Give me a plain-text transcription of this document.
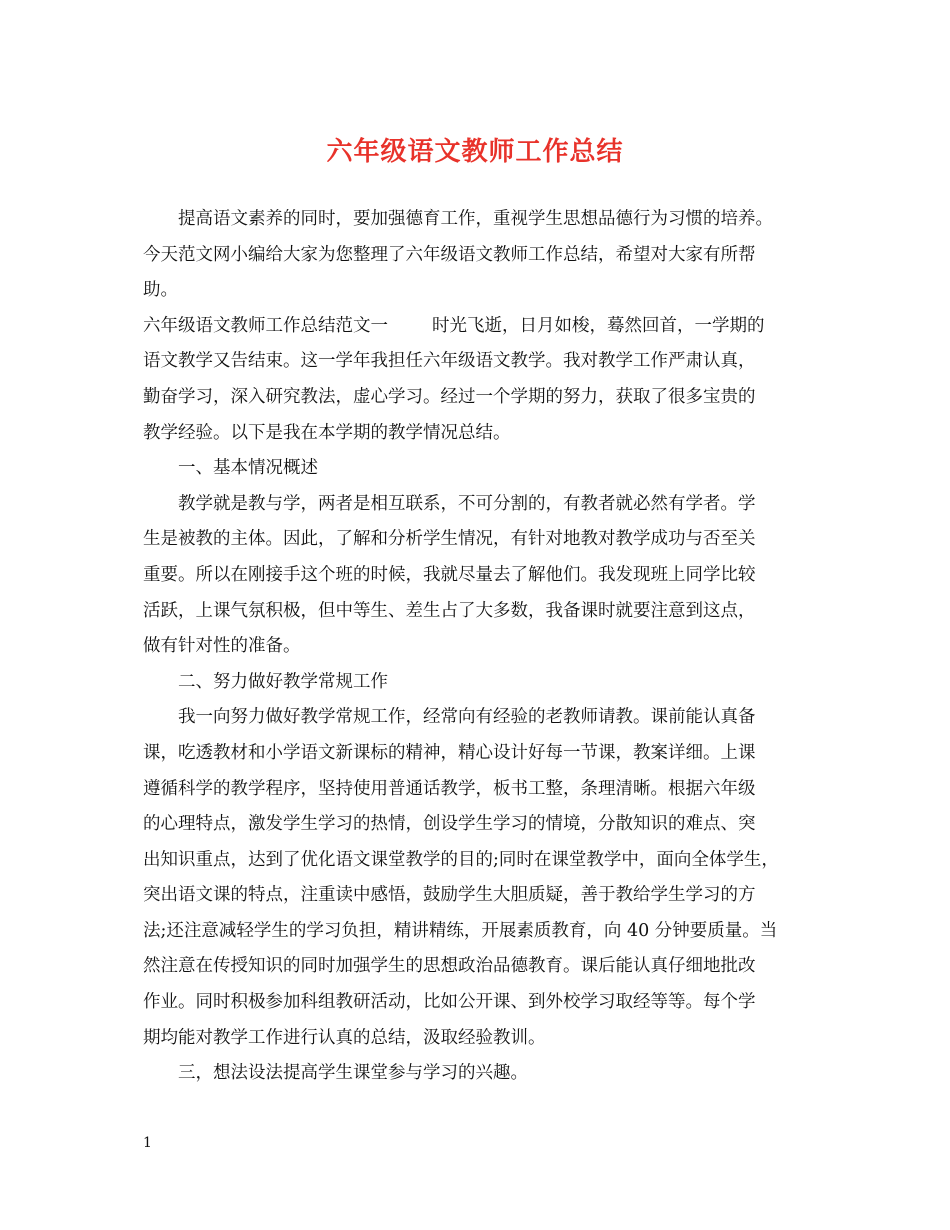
六年级语文教师工作总结
提高语文素养的同时，要加强德育工作，重视学生思想品德行为习惯的培养。
今天范文网小编给大家为您整理了六年级语文教师工作总结，希望对大家有所帮
助。
六年级语文教师工作总结范文一	时光飞逝，日月如梭，蓦然回首，一学期的
语文教学又告结束。这一学年我担任六年级语文教学。我对教学工作严肃认真，
勤奋学习，深入研究教法，虚心学习。经过一个学期的努力，获取了很多宝贵的
教学经验。以下是我在本学期的教学情况总结。
一、基本情况概述
教学就是教与学，两者是相互联系，不可分割的，有教者就必然有学者。学
生是被教的主体。因此，了解和分析学生情况，有针对地教对教学成功与否至关
重要。所以在刚接手这个班的时候，我就尽量去了解他们。我发现班上同学比较
活跃，上课气氛积极，但中等生、差生占了大多数，我备课时就要注意到这点，
做有针对性的准备。
二、努力做好教学常规工作
我一向努力做好教学常规工作，经常向有经验的老教师请教。课前能认真备
课，吃透教材和小学语文新课标的精神，精心设计好每一节课，教案详细。上课
遵循科学的教学程序，坚持使用普通话教学，板书工整，条理清晰。根据六年级
的心理特点，激发学生学习的热情，创设学生学习的情境，分散知识的难点、突
出知识重点，达到了优化语文课堂教学的目的;同时在课堂教学中，面向全体学生，
突出语文课的特点，注重读中感悟，鼓励学生大胆质疑，善于教给学生学习的方
法;还注意减轻学生的学习负担，精讲精练，开展素质教育，向 40 分钟要质量。当
然注意在传授知识的同时加强学生的思想政治品德教育。课后能认真仔细地批改
作业。同时积极参加科组教研活动，比如公开课、到外校学习取经等等。每个学
期均能对教学工作进行认真的总结，汲取经验教训。
三，想法设法提高学生课堂参与学习的兴趣。
1
